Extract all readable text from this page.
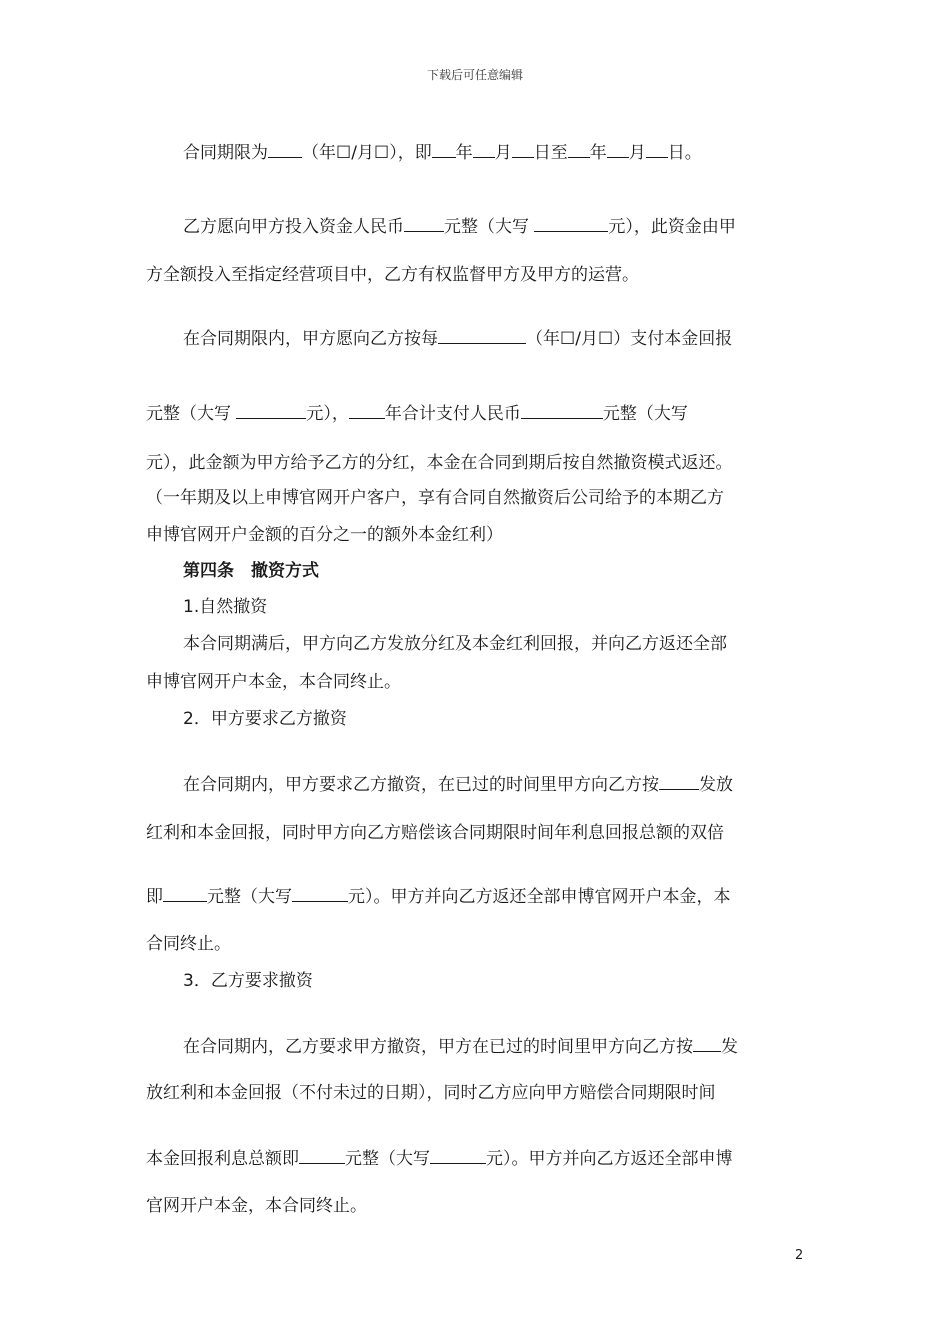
下载后可任意编辑
合同期限为 （年☐/月☐），即 年 月 日至 年 月 日。
乙方愿向甲方投入资金人民币 元整（大写	元），此资金由甲
方全额投入至指定经营项目中，乙方有权监督甲方及甲方的运营。
在合同期限内，甲方愿向乙方按每	（年☐/月☐）支付本金回报
元整（大写	元）， 年合计支付人民币	元整（大写
元），此金额为甲方给予乙方的分红，本金在合同到期后按自然撤资模式返还。
（一年期及以上申博官网开户客户，享有合同自然撤资后公司给予的本期乙方
申博官网开户金额的百分之一的额外本金红利）
第四条　撤资方式
1.自然撤资
本合同期满后，甲方向乙方发放分红及本金红利回报，并向乙方返还全部
申博官网开户本金，本合同终止。
2．甲方要求乙方撤资
在合同期内，甲方要求乙方撤资，在已过的时间里甲方向乙方按 发放
红利和本金回报，同时甲方向乙方赔偿该合同期限时间年利息回报总额的双倍
即	元整（大写	元）。甲方并向乙方返还全部申博官网开户本金，本
合同终止。
3．乙方要求撤资
在合同期内，乙方要求甲方撤资，甲方在已过的时间里甲方向乙方按 发
放红利和本金回报（不付未过的日期），同时乙方应向甲方赔偿合同期限时间
本金回报利息总额即	元整（大写	元）。甲方并向乙方返还全部申博
官网开户本金，本合同终止。
2
